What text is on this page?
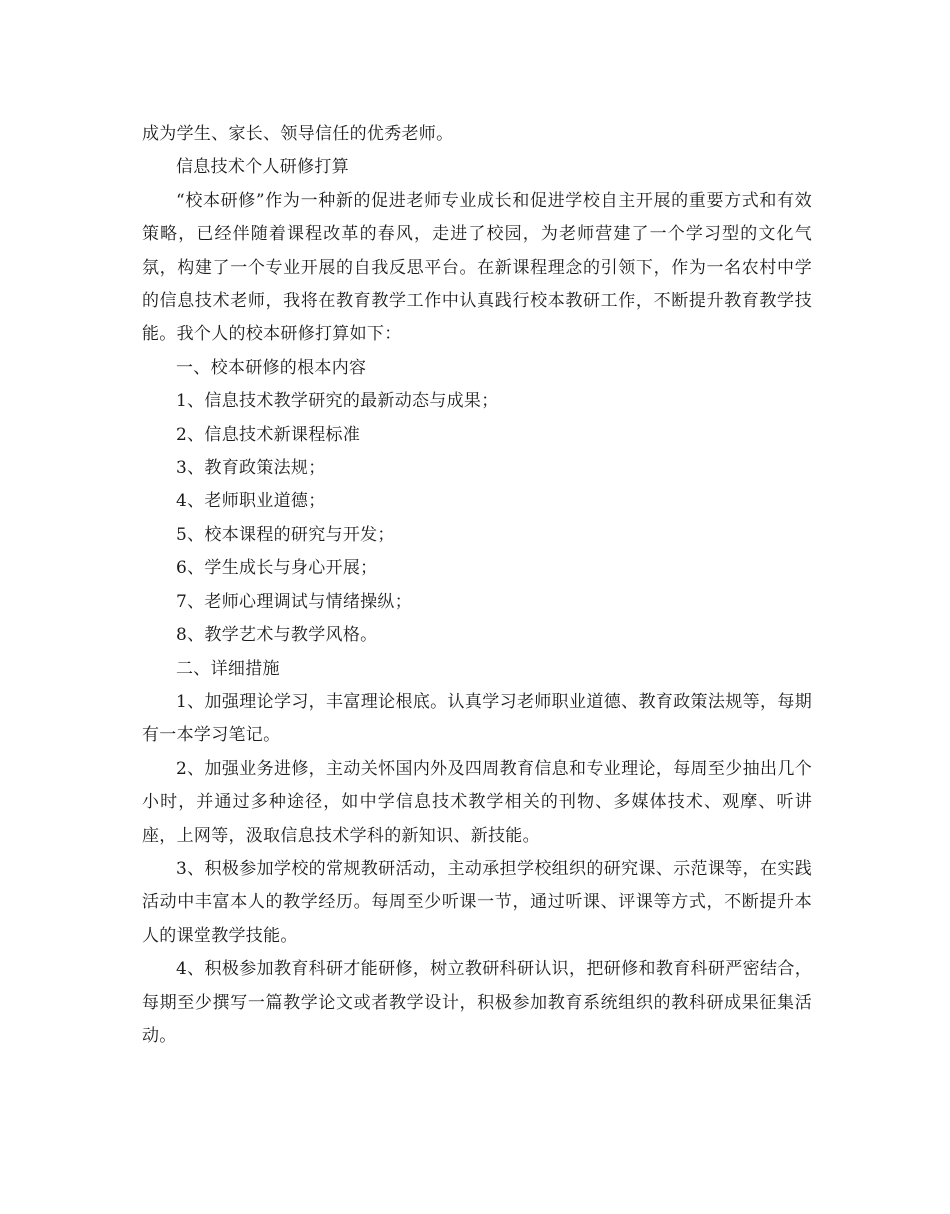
成为学生、家长、领导信任的优秀老师。

信息技术个人研修打算

“校本研修”作为一种新的促进老师专业成长和促进学校自主开展的重要方式和有效策略，已经伴随着课程改革的春风，走进了校园，为老师营建了一个学习型的文化气氛，构建了一个专业开展的自我反思平台。在新课程理念的引领下，作为一名农村中学的信息技术老师，我将在教育教学工作中认真践行校本教研工作，不断提升教育教学技能。我个人的校本研修打算如下：

一、校本研修的根本内容

1、信息技术教学研究的最新动态与成果；

2、信息技术新课程标准

3、教育政策法规；

4、老师职业道德；

5、校本课程的研究与开发；

6、学生成长与身心开展；

7、老师心理调试与情绪操纵；

8、教学艺术与教学风格。

二、详细措施

1、加强理论学习，丰富理论根底。认真学习老师职业道德、教育政策法规等，每期有一本学习笔记。

2、加强业务进修，主动关怀国内外及四周教育信息和专业理论，每周至少抽出几个小时，并通过多种途径，如中学信息技术教学相关的刊物、多媒体技术、观摩、听讲座，上网等，汲取信息技术学科的新知识、新技能。

3、积极参加学校的常规教研活动，主动承担学校组织的研究课、示范课等，在实践活动中丰富本人的教学经历。每周至少听课一节，通过听课、评课等方式，不断提升本人的课堂教学技能。

4、积极参加教育科研才能研修，树立教研科研认识，把研修和教育科研严密结合，每期至少撰写一篇教学论文或者教学设计，积极参加教育系统组织的教科研成果征集活动。
